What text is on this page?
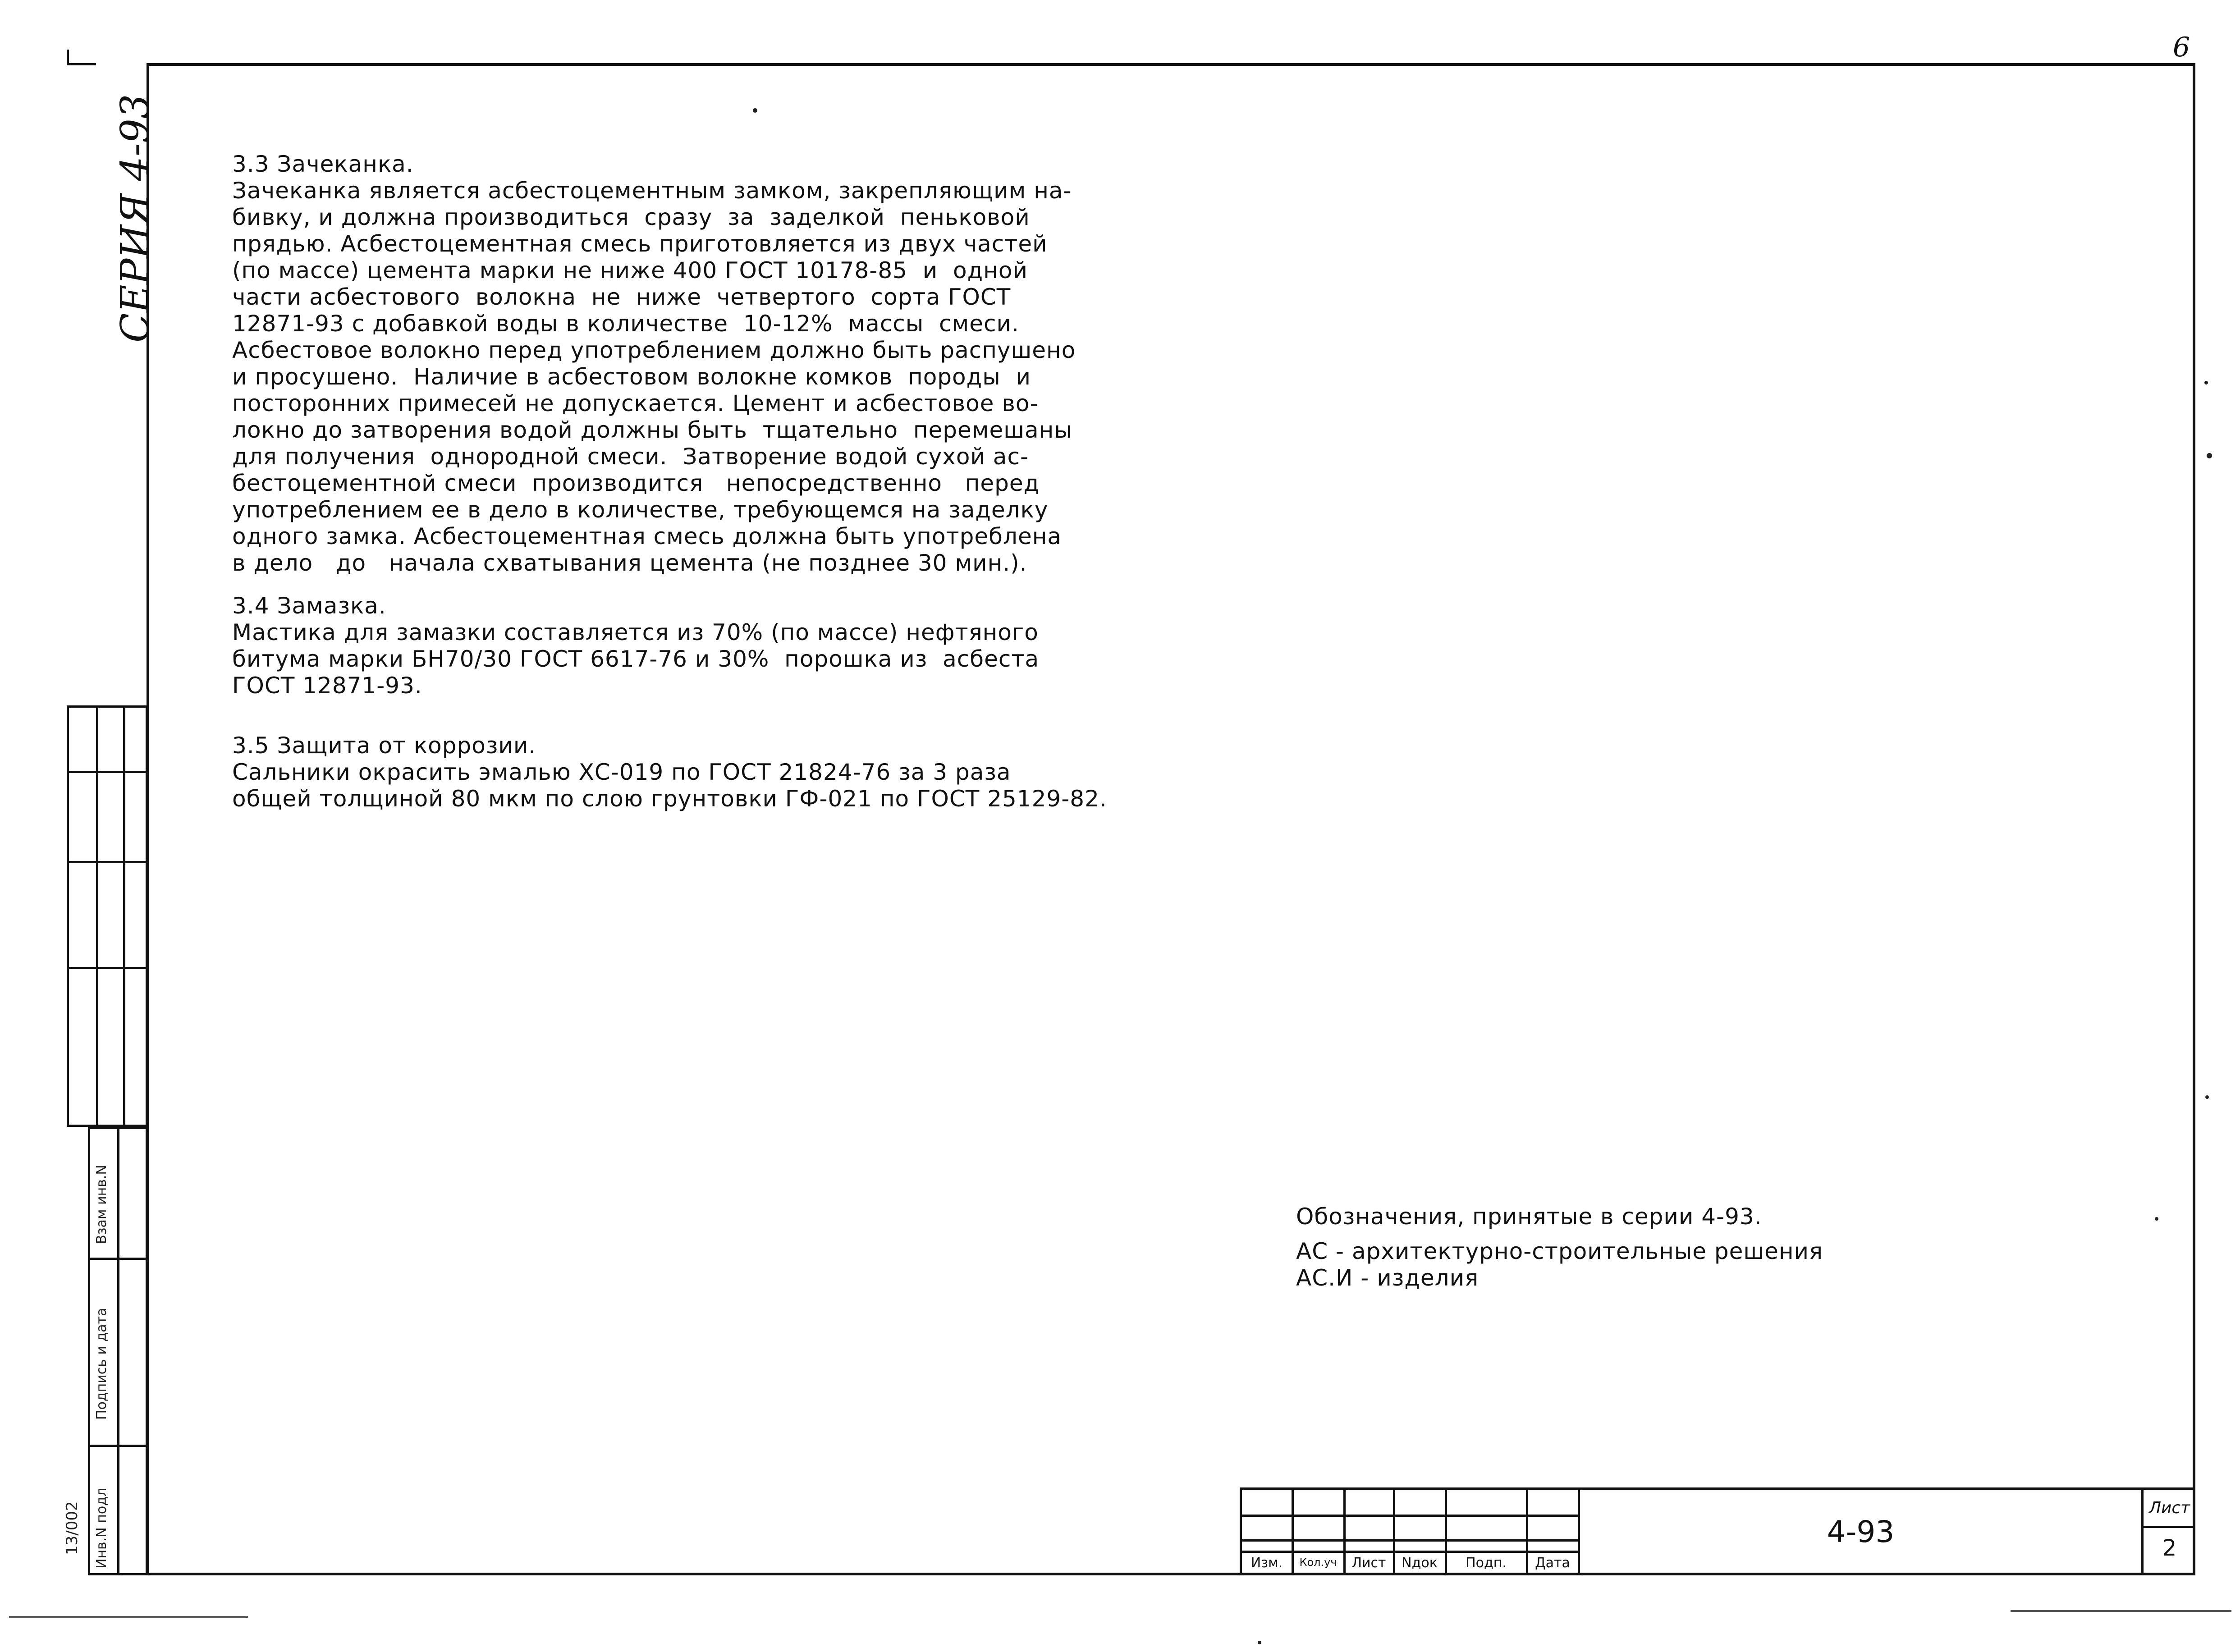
6
СЕРИЯ 4-93
Взам инв.N
Подпись и дата
Инв.N подл
13/002
3.3 Зачеканка.
Зачеканка является асбестоцементным замком, закрепляющим на-
бивку, и должна производиться  сразу  за  заделкой  пеньковой
прядью. Асбестоцементная смесь приготовляется из двух частей
(по массе) цемента марки не ниже 400 ГОСТ 10178-85  и  одной
части асбестового  волокна  не  ниже  четвертого  сорта ГОСТ
12871-93 с добавкой воды в количестве  10-12%  массы  смеси.
Асбестовое волокно перед употреблением должно быть распушено
и просушено.  Наличие в асбестовом волокне комков  породы  и
посторонних примесей не допускается. Цемент и асбестовое во-
локно до затворения водой должны быть  тщательно  перемешаны
для получения  однородной смеси.  Затворение водой сухой ас-
бестоцементной смеси  производится   непосредственно   перед
употреблением ее в дело в количестве, требующемся на заделку
одного замка. Асбестоцементная смесь должна быть употреблена
в дело   до   начала схватывания цемента (не позднее 30 мин.).
3.4 Замазка.
Мастика для замазки составляется из 70% (по массе) нефтяного
битума марки БН70/30 ГОСТ 6617-76 и 30%  порошка из  асбеста
ГОСТ 12871-93.
3.5 Защита от коррозии.
Сальники окрасить эмалью ХС-019 по ГОСТ 21824-76 за 3 раза
общей толщиной 80 мкм по слою грунтовки ГФ-021 по ГОСТ 25129-82.
Обозначения, принятые в серии 4-93.
АС - архитектурно-строительные решения
АС.И - изделия
Изм.	Кол.уч	Лист	Nдок	Подп.	Дата
4-93
Лист
2
